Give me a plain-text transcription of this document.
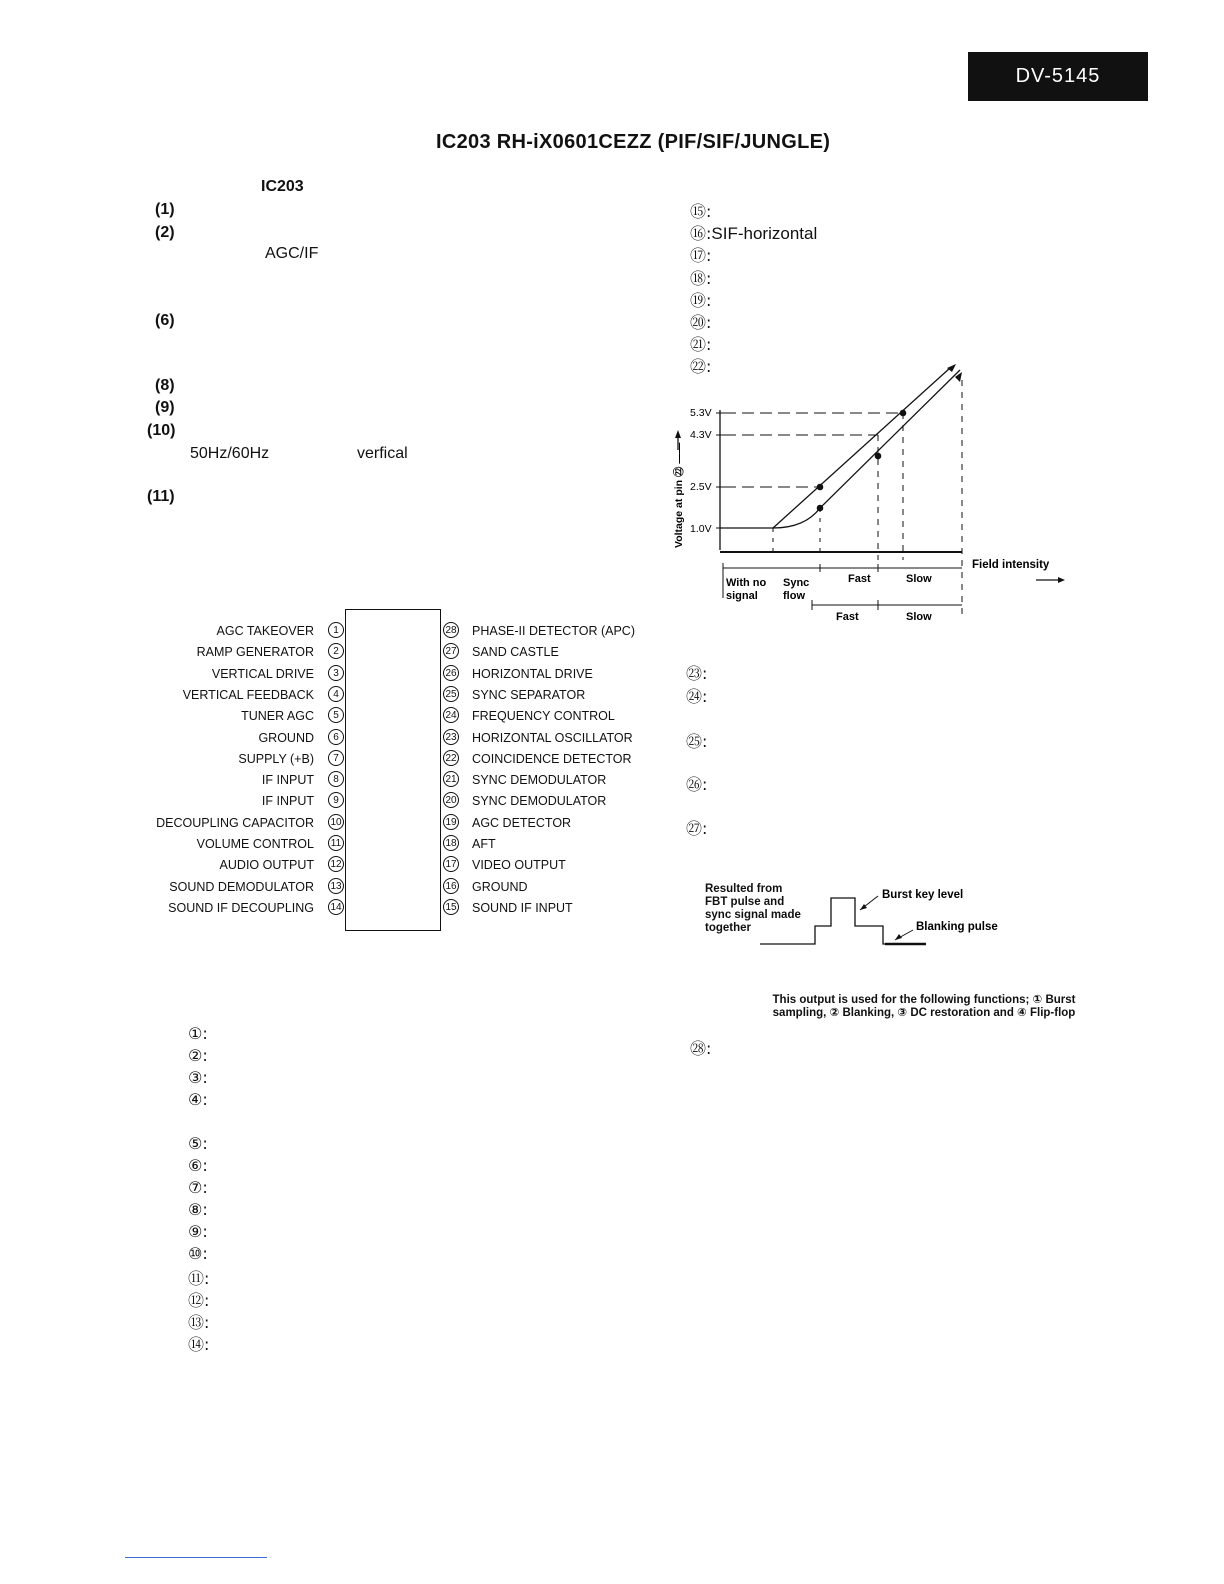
DV-5145
IC203 RH-iX0601CEZZ (PIF/SIF/JUNGLE)
IC203
(1)
(2)
AGC/IF
(6)
(8)
(9)
(10)
50Hz/60Hz	verfical
(11)
AGC TAKEOVER	1
RAMP GENERATOR	2
VERTICAL DRIVE	3
VERTICAL FEEDBACK	4
TUNER AGC	5
GROUND	6
SUPPLY (+B)	7
IF INPUT	8
IF INPUT	9
DECOUPLING CAPACITOR 10
VOLUME CONTROL 11
AUDIO OUTPUT 12
SOUND DEMODULATOR 13
SOUND IF DECOUPLING 14
28 PHASE-II DETECTOR (APC)
27 SAND CASTLE
26 HORIZONTAL DRIVE
25 SYNC SEPARATOR
24 FREQUENCY CONTROL
23 HORIZONTAL OSCILLATOR
22 COINCIDENCE DETECTOR
21 SYNC DEMODULATOR
20 SYNC DEMODULATOR
19 AGC DETECTOR
18 AFT
17 VIDEO OUTPUT
16 GROUND
15 SOUND IF INPUT
①:
②:
③:
④:
⑤:
⑥:
⑦:
⑧:
⑨:
⑩:
⑪:
⑫:
⑬:
⑭:
⑮:
⑯:SIF-horizontal
⑰:
⑱:
⑲:
⑳:
㉑:
㉒:
5.3V
4.3V
2.5V
1.0V
Voltage at pin ㉒ ——
Field intensity
With no signal
Sync flow
Fast	Slow
Fast	Slow
㉓:
㉔:
㉕:
㉖:
㉗:
Resulted from
FBT pulse and
sync signal made
together
Burst key level
Blanking pulse
This output is used for the following functions; ① Burst
sampling, ② Blanking, ③ DC restoration and ④ Flip-flop
㉘:
